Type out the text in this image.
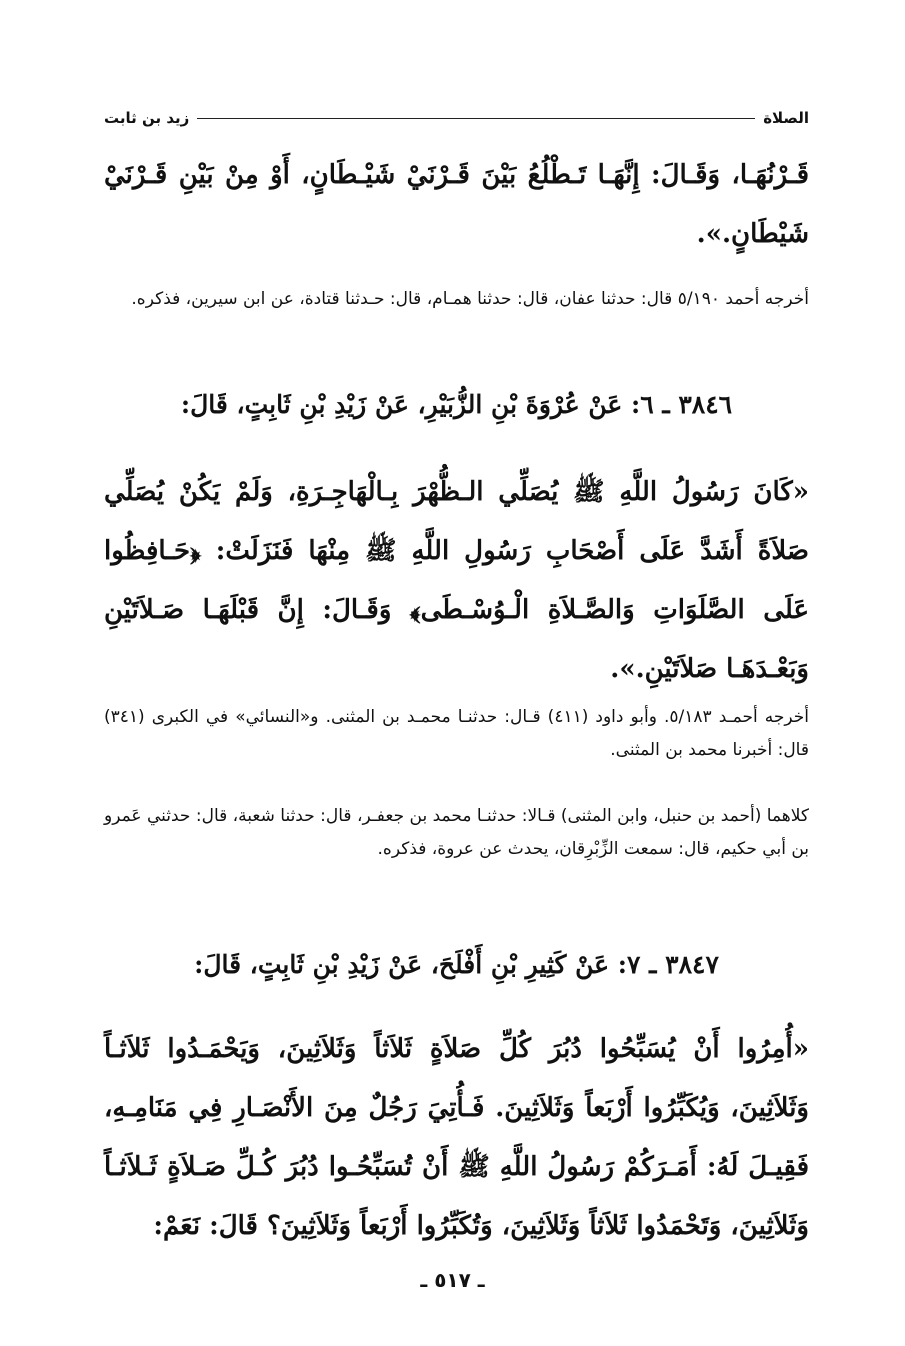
الصلاة
زيد بن ثابت

قَـرْنُهَـا، وَقَـالَ: إِنَّهَـا تَـطْلُعُ بَيْنَ قَـرْنَيْ شَيْـطَانٍ، أَوْ مِنْ بَيْنِ قَـرْنَيْ شَيْطَانٍ.».

أخرجه أحمد ٥/١٩٠ قال: حدثنا عفان، قال: حدثنا همـام، قال: حـدثنا قتادة، عن ابن سيرين، فذكره.

٣٨٤٦ ـ ٦: عَنْ عُرْوَةَ بْنِ الزُّبَيْرِ، عَنْ زَيْدِ بْنِ ثَابِتٍ، قَالَ:

«كَانَ رَسُولُ اللَّهِ ﷺ يُصَلِّي الـظُّهْرَ بِـالْهَاجِـرَةِ، وَلَمْ يَكُنْ يُصَلِّي صَلاَةً أَشَدَّ عَلَى أَصْحَابِ رَسُولِ اللَّهِ ﷺ مِنْهَا فَنَزَلَتْ: ﴿حَـافِظُوا عَلَى الصَّلَوَاتِ وَالصَّـلاَةِ الْـوُسْـطَى﴾ وَقَـالَ: إِنَّ قَبْلَهَـا صَـلاَتَيْنِ وَبَعْـدَهَـا صَلاَتَيْنِ.».

أخرجه أحمـد ٥/١٨٣. وأبو داود (٤١١) قـال: حدثنـا محمـد بن المثنى. و«النسائي» في الكبرى (٣٤١) قال: أخبرنا محمد بن المثنى.

كلاهما (أحمد بن حنبل، وابن المثنى) قـالا: حدثنـا محمد بن جعفـر، قال: حدثنا شعبة، قال: حدثني عَمرو بن أبي حكيم، قال: سمعت الزِّبْرِقان، يحدث عن عروة، فذكره.

٣٨٤٧ ـ ٧: عَنْ كَثِيرِ بْنِ أَفْلَحَ، عَنْ زَيْدِ بْنِ ثَابِتٍ، قَالَ:

«أُمِرُوا أَنْ يُسَبِّحُوا دُبُرَ كُلِّ صَلاَةٍ ثَلاَثاً وَثَلاَثِينَ، وَيَحْمَـدُوا ثَلاَثـاً وَثَلاَثِينَ، وَيُكَبِّرُوا أَرْبَعاً وَثَلاَثِينَ. فَـأُتِيَ رَجُلٌ مِنَ الأَنْصَـارِ فِي مَنَامِـهِ، فَقِيـلَ لَهُ: أَمَـرَكُمْ رَسُولُ اللَّهِ ﷺ أَنْ تُسَبِّحُـوا دُبُرَ كُـلِّ صَـلاَةٍ ثَـلاَثـاً وَثَلاَثِينَ، وَتَحْمَدُوا ثَلاَثاً وَثَلاَثِينَ، وَتُكَبِّرُوا أَرْبَعاً وَثَلاَثِينَ؟ قَالَ: نَعَمْ:

ـ ٥١٧ ـ
